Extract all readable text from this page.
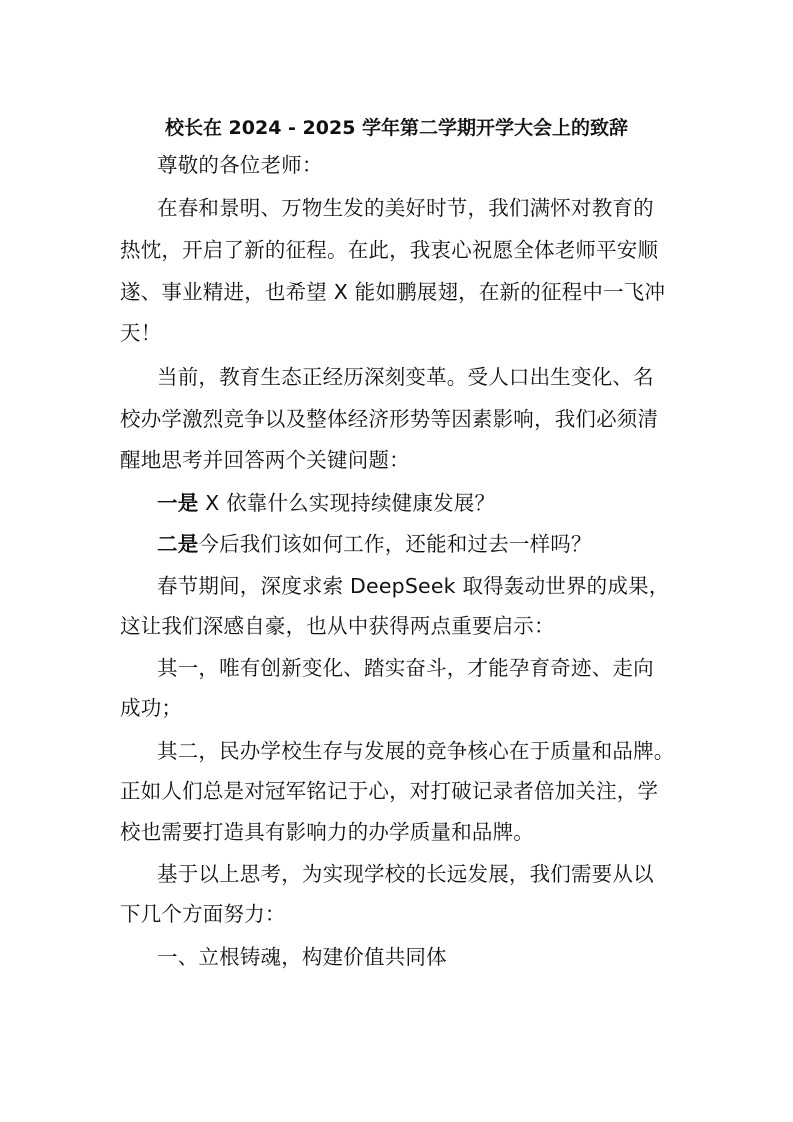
校长在 2024 - 2025 学年第二学期开学大会上的致辞
尊敬的各位老师：
在春和景明、万物生发的美好时节，我们满怀对教育的
热忱，开启了新的征程。在此，我衷心祝愿全体老师平安顺
遂、事业精进，也希望 X 能如鹏展翅，在新的征程中一飞冲
天！
当前，教育生态正经历深刻变革。受人口出生变化、名
校办学激烈竞争以及整体经济形势等因素影响，我们必须清
醒地思考并回答两个关键问题：
一是 X 依靠什么实现持续健康发展？
二是今后我们该如何工作，还能和过去一样吗？
春节期间，深度求索 DeepSeek 取得轰动世界的成果，
这让我们深感自豪，也从中获得两点重要启示：
其一，唯有创新变化、踏实奋斗，才能孕育奇迹、走向
成功；
其二，民办学校生存与发展的竞争核心在于质量和品牌。
正如人们总是对冠军铭记于心，对打破记录者倍加关注，学
校也需要打造具有影响力的办学质量和品牌。
基于以上思考，为实现学校的长远发展，我们需要从以
下几个方面努力：
一、立根铸魂，构建价值共同体
